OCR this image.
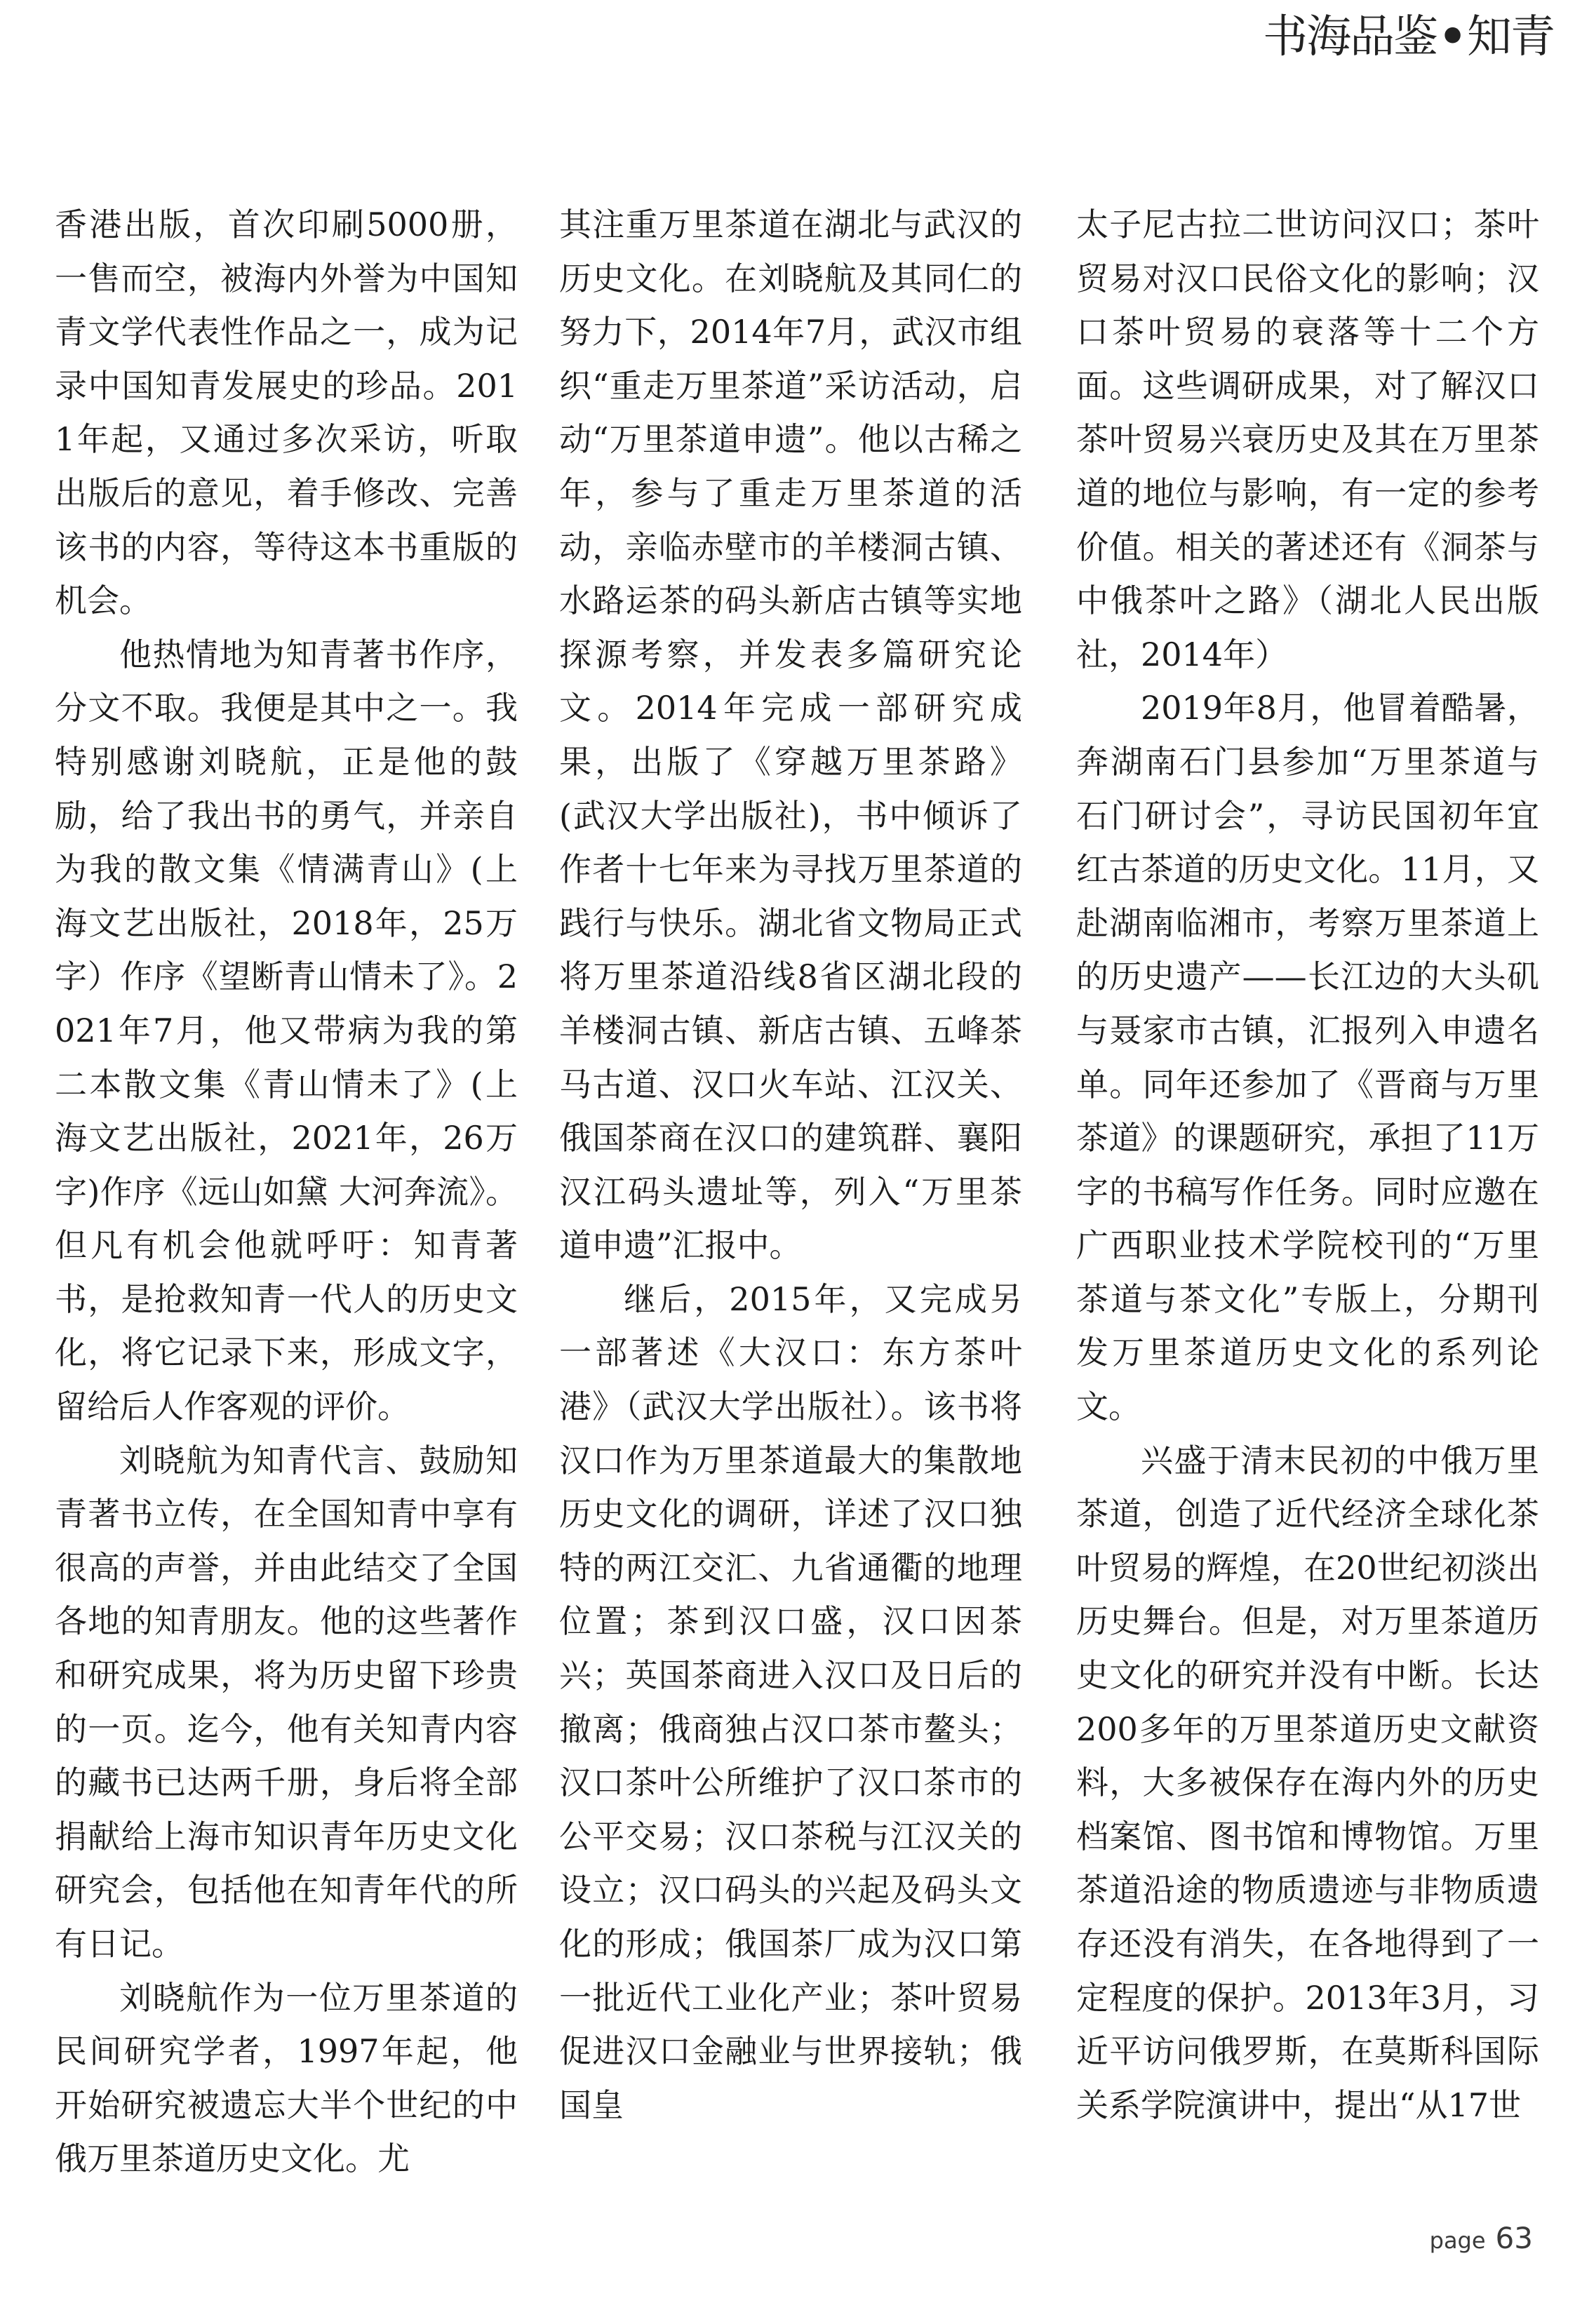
书海品鉴•知青

香港出版，首次印刷5000册，一售而空，被海内外誉为中国知青文学代表性作品之一，成为记录中国知青发展史的珍品。2011年起，又通过多次采访，听取出版后的意见，着手修改、完善该书的内容，等待这本书重版的机会。

他热情地为知青著书作序，分文不取。我便是其中之一。我特别感谢刘晓航，正是他的鼓励，给了我出书的勇气，并亲自为我的散文集《情满青山》(上海文艺出版社，2018年，25万字）作序《望断青山情未了》。2021年7月，他又带病为我的第二本散文集《青山情未了》(上海文艺出版社，2021年，26万字)作序《远山如黛 大河奔流》。但凡有机会他就呼吁：知青著书，是抢救知青一代人的历史文化，将它记录下来，形成文字，留给后人作客观的评价。

刘晓航为知青代言、鼓励知青著书立传，在全国知青中享有很高的声誉，并由此结交了全国各地的知青朋友。他的这些著作和研究成果，将为历史留下珍贵的一页。迄今，他有关知青内容的藏书已达两千册，身后将全部捐献给上海市知识青年历史文化研究会，包括他在知青年代的所有日记。

刘晓航作为一位万里茶道的民间研究学者，1997年起，他开始研究被遗忘大半个世纪的中俄万里茶道历史文化。尤

其注重万里茶道在湖北与武汉的历史文化。在刘晓航及其同仁的努力下，2014年7月，武汉市组织“重走万里茶道”采访活动，启动“万里茶道申遗”。他以古稀之年，参与了重走万里茶道的活动，亲临赤壁市的羊楼洞古镇、水路运茶的码头新店古镇等实地探源考察，并发表多篇研究论文。2014年完成一部研究成果，出版了《穿越万里茶路》(武汉大学出版社)，书中倾诉了作者十七年来为寻找万里茶道的践行与快乐。湖北省文物局正式将万里茶道沿线8省区湖北段的羊楼洞古镇、新店古镇、五峰茶马古道、汉口火车站、江汉关、俄国茶商在汉口的建筑群、襄阳汉江码头遗址等，列入“万里茶道申遗”汇报中。

继后，2015年，又完成另一部著述《大汉口：东方茶叶港》（武汉大学出版社）。该书将汉口作为万里茶道最大的集散地历史文化的调研，详述了汉口独特的两江交汇、九省通衢的地理位置；茶到汉口盛，汉口因茶兴；英国茶商进入汉口及日后的撤离；俄商独占汉口茶市鳌头；汉口茶叶公所维护了汉口茶市的公平交易；汉口茶税与江汉关的设立；汉口码头的兴起及码头文化的形成；俄国茶厂成为汉口第一批近代工业化产业；茶叶贸易促进汉口金融业与世界接轨；俄国皇

太子尼古拉二世访问汉口；茶叶贸易对汉口民俗文化的影响；汉口茶叶贸易的衰落等十二个方面。这些调研成果，对了解汉口茶叶贸易兴衰历史及其在万里茶道的地位与影响，有一定的参考价值。相关的著述还有《洞茶与中俄茶叶之路》（湖北人民出版社，2014年）

2019年8月，他冒着酷暑，奔湖南石门县参加“万里茶道与石门研讨会”，寻访民国初年宜红古茶道的历史文化。11月，又赴湖南临湘市，考察万里茶道上的历史遗产——长江边的大头矶与聂家市古镇，汇报列入申遗名单。同年还参加了《晋商与万里茶道》的课题研究，承担了11万字的书稿写作任务。同时应邀在广西职业技术学院校刊的“万里茶道与茶文化”专版上，分期刊发万里茶道历史文化的系列论文。

兴盛于清末民初的中俄万里茶道，创造了近代经济全球化茶叶贸易的辉煌，在20世纪初淡出历史舞台。但是，对万里茶道历史文化的研究并没有中断。长达200多年的万里茶道历史文献资料，大多被保存在海内外的历史档案馆、图书馆和博物馆。万里茶道沿途的物质遗迹与非物质遗存还没有消失，在各地得到了一定程度的保护。2013年3月，习近平访问俄罗斯，在莫斯科国际关系学院演讲中，提出“从17世

page 63
